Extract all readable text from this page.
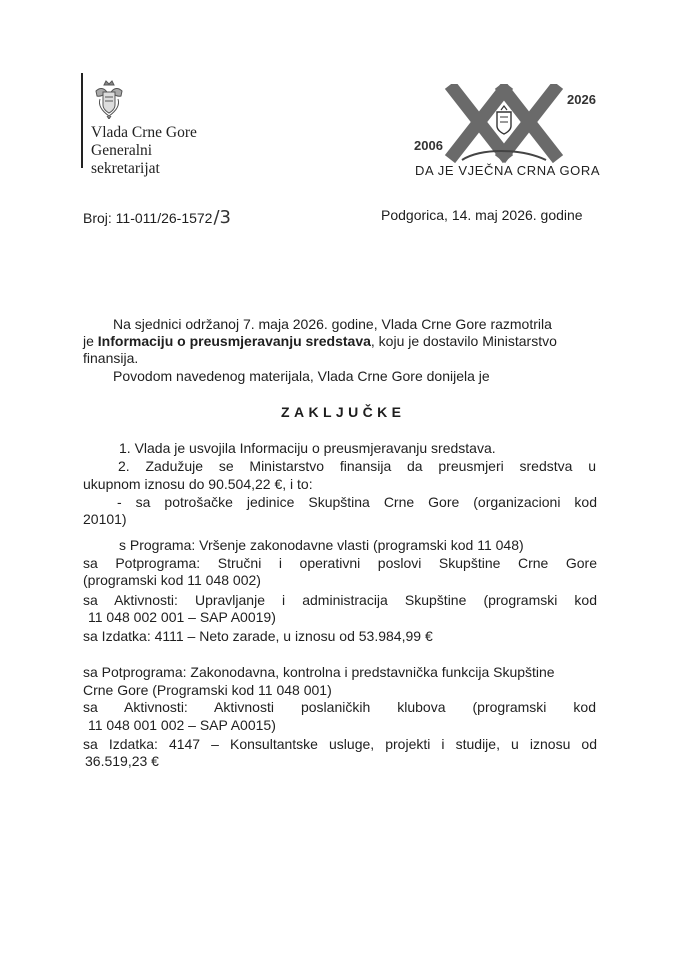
Vlada Crne Gore
Generalni
sekretarijat
2026
2006
DA JE VJEČNA CRNA GORA
Broj: 11-011/26-1572/3	Podgorica, 14. maj 2026. godine
Na sjednici održanoj 7. maja 2026. godine, Vlada Crne Gore razmotrila
je Informaciju o preusmjeravanju sredstava, koju je dostavilo Ministarstvo
finansija.
Povodom navedenog materijala, Vlada Crne Gore donijela je
ZAKLJUČKE
1. Vlada je usvojila Informaciju o preusmjeravanju sredstava.
2. Zadužuje se Ministarstvo finansija da preusmjeri sredstva u
ukupnom iznosu do 90.504,22 €, i to:
- sa potrošačke jedinice Skupština Crne Gore (organizacioni kod
20101)
s Programa: Vršenje zakonodavne vlasti (programski kod 11 048)
sa Potprograma: Stručni i operativni poslovi Skupštine Crne Gore
(programski kod 11 048 002)
sa Aktivnosti: Upravljanje i administracija Skupštine (programski kod
11 048 002 001 – SAP A0019)
sa Izdatka: 4111 – Neto zarade, u iznosu od 53.984,99 €
sa Potprograma: Zakonodavna, kontrolna i predstavnička funkcija Skupštine
Crne Gore (Programski kod 11 048 001)
sa Aktivnosti: Aktivnosti poslaničkih klubova (programski kod
11 048 001 002 – SAP A0015)
sa Izdatka: 4147 – Konsultantske usluge, projekti i studije, u iznosu od
36.519,23 €
